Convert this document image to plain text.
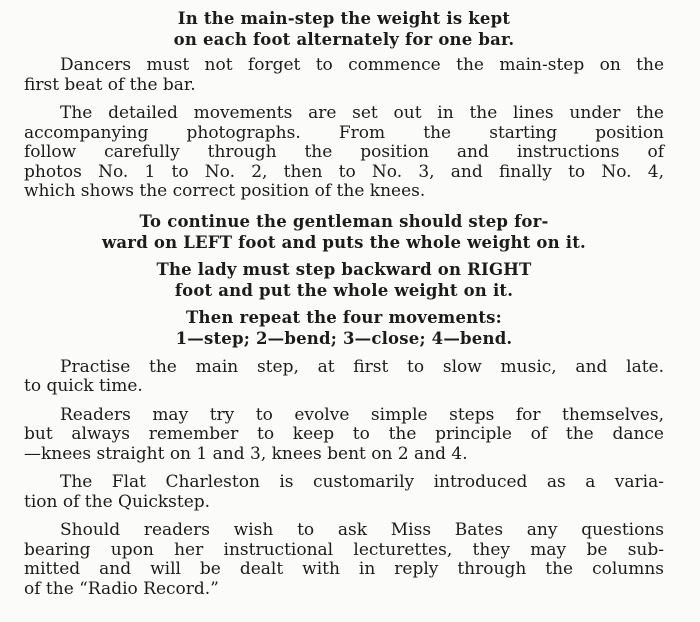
In the main-step the weight is kept
on each foot alternately for one bar.

Dancers must not forget to commence the main-step on the
first beat of the bar.

The detailed movements are set out in the lines under the
accompanying photographs. From the starting position
follow carefully through the position and instructions of
photos No. 1 to No. 2, then to No. 3, and finally to No. 4,
which shows the correct position of the knees.

To continue the gentleman should step for-
ward on LEFT foot and puts the whole weight on it.
The lady must step backward on RIGHT
foot and put the whole weight on it.
Then repeat the four movements:
1—step; 2—bend; 3—close; 4—bend.

Practise the main step, at first to slow music, and late.
to quick time.

Readers may try to evolve simple steps for themselves,
but always remember to keep to the principle of the dance
—knees straight on 1 and 3, knees bent on 2 and 4.

The Flat Charleston is customarily introduced as a varia-
tion of the Quickstep.

Should readers wish to ask Miss Bates any questions
bearing upon her instructional lecturettes, they may be sub-
mitted and will be dealt with in reply through the columns
of the “Radio Record.”
